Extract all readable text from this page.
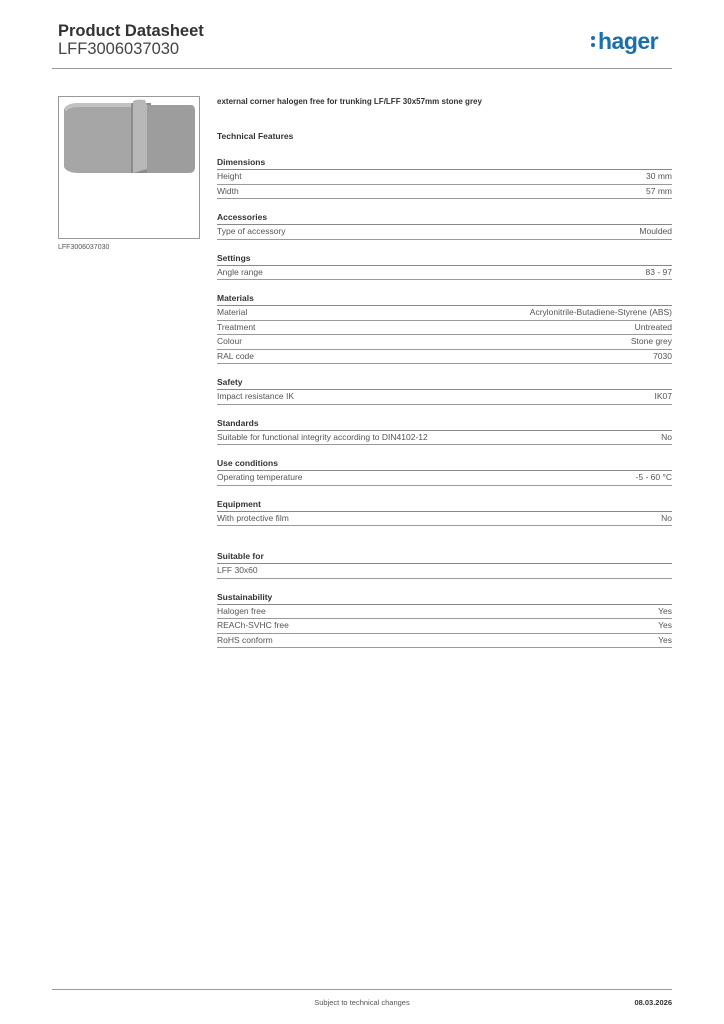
Product Datasheet
LFF3006037030	hager
LFF3006037030
external corner halogen free for trunking LF/LFF 30x57mm stone grey
Technical Features
Dimensions
Height	30 mm
Width	57 mm
Accessories
Type of accessory	Moulded
Settings
Angle range	83 - 97
Materials
Material	Acrylonitrile-Butadiene-Styrene (ABS)
Treatment	Untreated
Colour	Stone grey
RAL code	7030
Safety
Impact resistance IK	IK07
Standards
Suitable for functional integrity according to DIN4102-12	No
Use conditions
Operating temperature	-5 - 60 °C
Equipment
With protective film	No
Suitable for
LFF 30x60
Sustainability
Halogen free	Yes
REACh-SVHC free	Yes
RoHS conform	Yes
Subject to technical changes	08.03.2026
